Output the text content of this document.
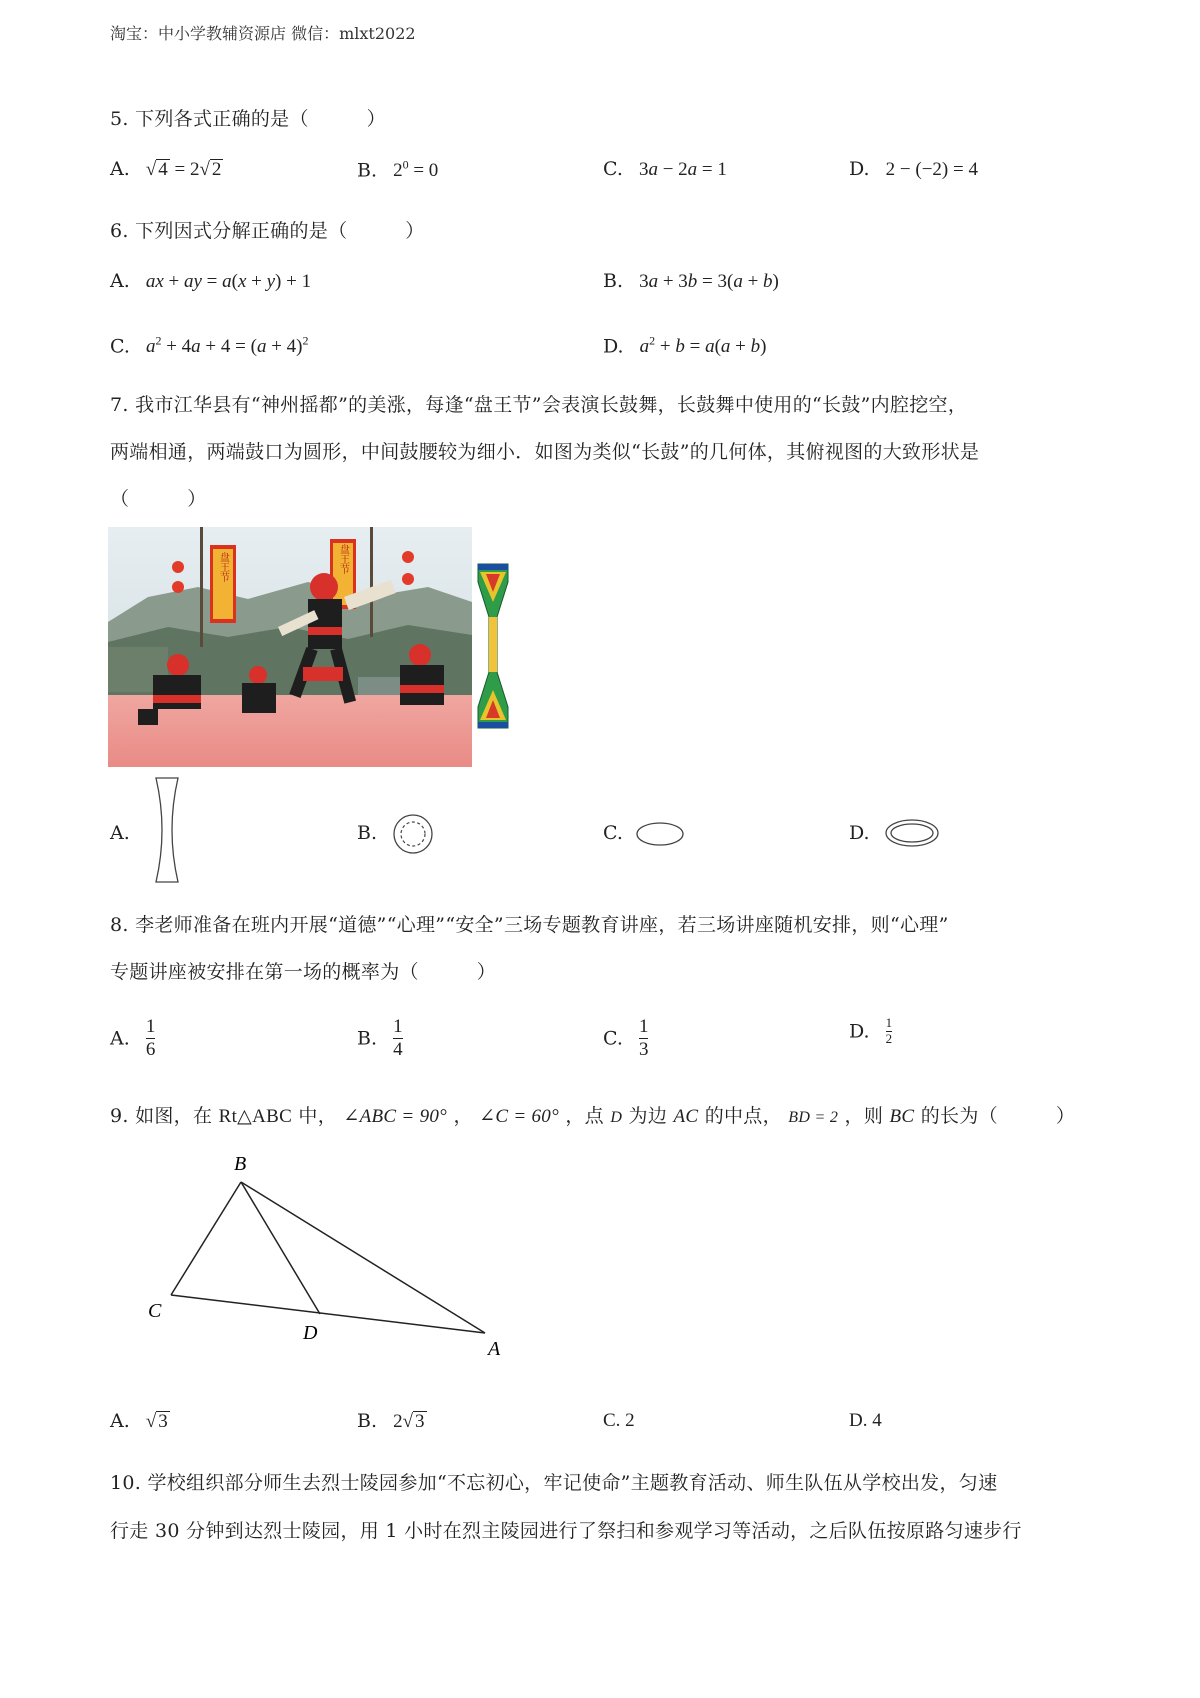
淘宝：中小学教辅资源店 微信：mlxt2022
5. 下列各式正确的是（　　　）
A. √ 4 = 2√ 2	B. $2^0 = 0$	C. 3a − 2a = 1	D. 2 − (−2) = 4
6. 下列因式分解正确的是（　　　）
A. ax + ay = a(x + y) + 1	B. 3a + 3b = 3(a + b)
C. $a^2 + 4a + 4 = (a + 4)^2$	D. $a^2 + b = a(a + b)$
7. 我市江华县有“神州摇都”的美涨，每逢“盘王节”会表演长鼓舞，长鼓舞中使用的“长鼓”内腔挖空，
两端相通，两端鼓口为圆形，中间鼓腰较为细小．如图为类似“长鼓”的几何体，其俯视图的大致形状是
（　　　）
盘王节	盘王节
A.	B.	C.	D.
8. 李老师准备在班内开展“道德”“心理”“安全”三场专题教育讲座，若三场讲座随机安排，则“心理”
专题讲座被安排在第一场的概率为（　　　）
A. $\frac{1}{6}$	B. $\frac{1}{4}$	C. $\frac{1}{3}$	D. $\frac{1}{2}$
9. 如图，在 Rt△ABC 中， ∠ABC = 90° ， ∠C = 60° ，点 D 为边 AC 的中点， BD = 2 ，则 BC 的长为（　　　）
B
C
D
A
A. √ 3	B. 2√ 3	C. 2	D. 4
10. 学校组织部分师生去烈士陵园参加“不忘初心，牢记使命”主题教育活动、师生队伍从学校出发，匀速
行走 30 分钟到达烈士陵园，用 1 小时在烈主陵园进行了祭扫和参观学习等活动，之后队伍按原路匀速步行
